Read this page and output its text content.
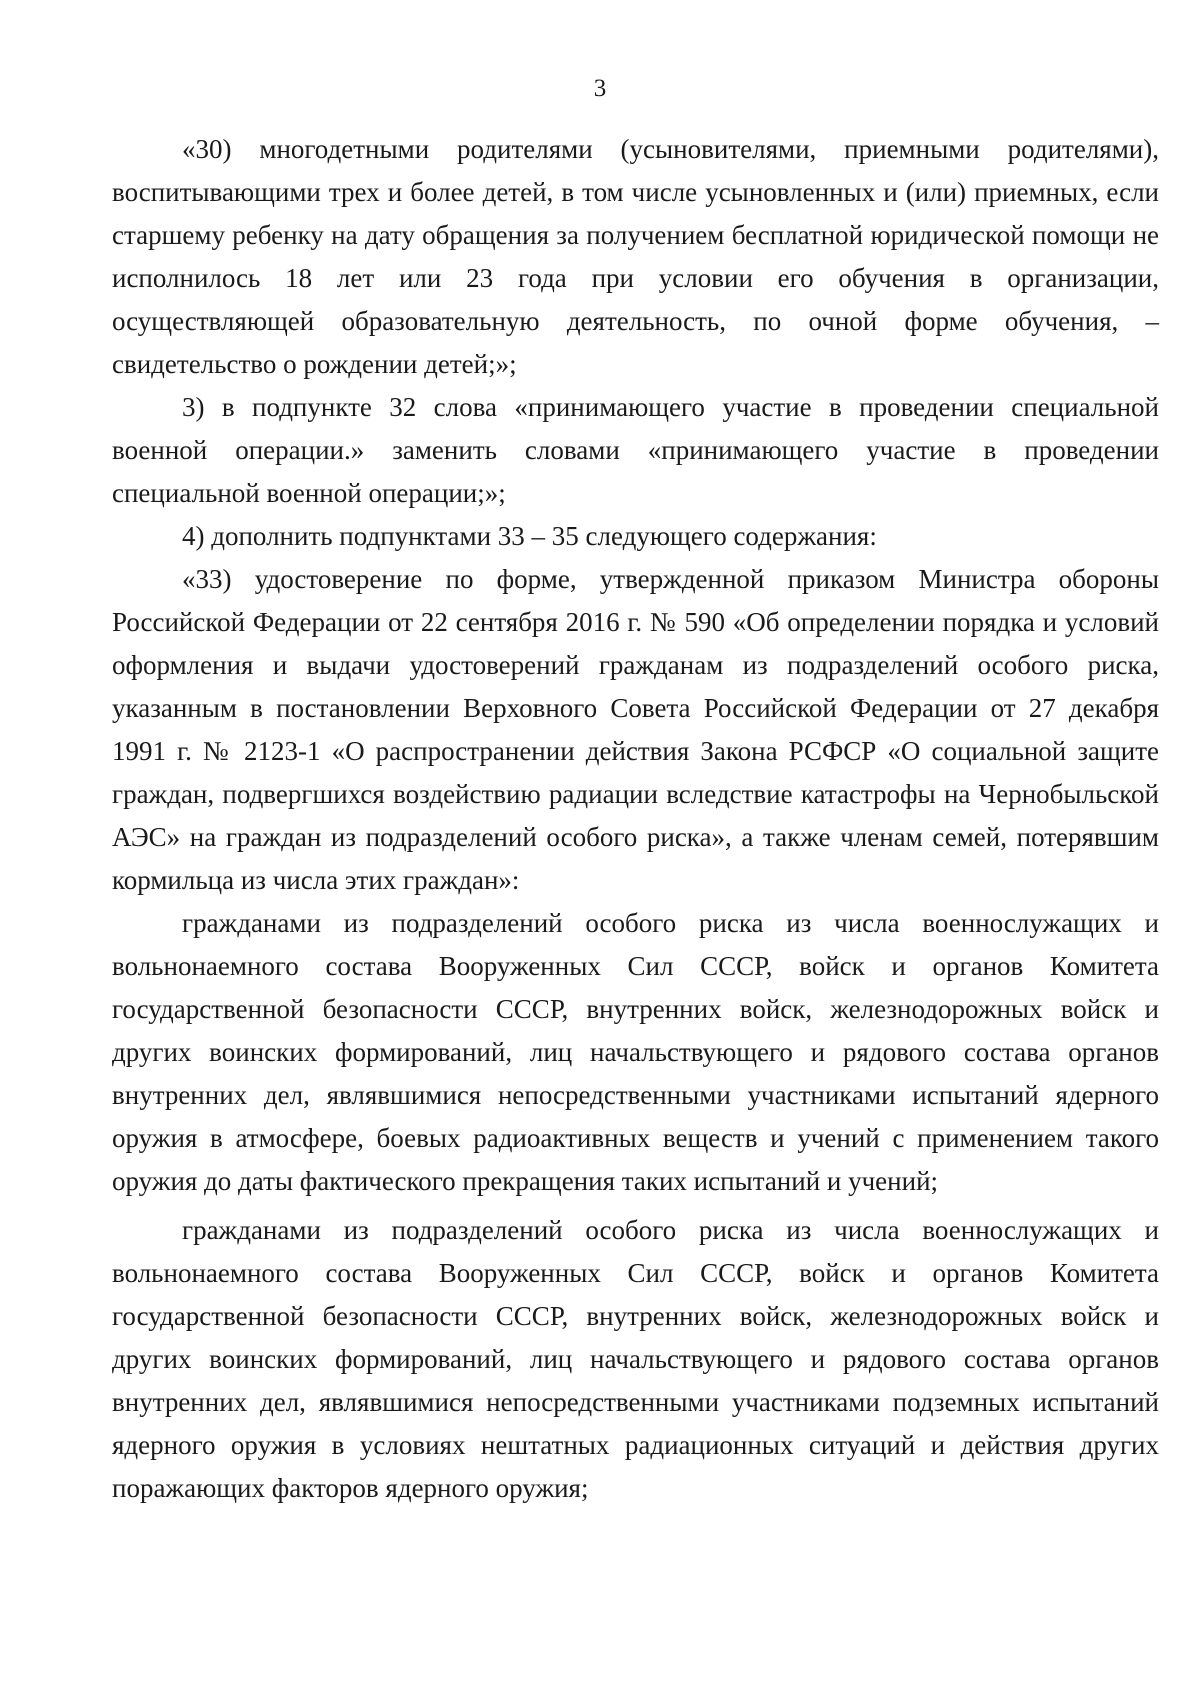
3

«30) многодетными родителями (усыновителями, приемными родителями), воспитывающими трех и более детей, в том числе усыновленных и (или) приемных, если старшему ребенку на дату обращения за получением бесплатной юридической помощи не исполнилось 18 лет или 23 года при условии его обучения в организации, осуществляющей образовательную деятельность, по очной форме обучения, – свидетельство о рождении детей;»;

3) в подпункте 32 слова «принимающего участие в проведении специальной военной операции.» заменить словами «принимающего участие в проведении специальной военной операции;»;

4) дополнить подпунктами 33 – 35 следующего содержания:

«33) удостоверение по форме, утвержденной приказом Министра обороны Российской Федерации от 22 сентября 2016 г. № 590 «Об определении порядка и условий оформления и выдачи удостоверений гражданам из подразделений особого риска, указанным в постановлении Верховного Совета Российской Федерации от 27 декабря 1991 г. № 2123-1 «О распространении действия Закона РСФСР «О социальной защите граждан, подвергшихся воздействию радиации вследствие катастрофы на Чернобыльской АЭС» на граждан из подразделений особого риска», а также членам семей, потерявшим кормильца из числа этих граждан»:

гражданами из подразделений особого риска из числа военнослужащих и вольнонаемного состава Вооруженных Сил СССР, войск и органов Комитета государственной безопасности СССР, внутренних войск, железнодорожных войск и других воинских формирований, лиц начальствующего и рядового состава органов внутренних дел, являвшимися непосредственными участниками испытаний ядерного оружия в атмосфере, боевых радиоактивных веществ и учений с применением такого оружия до даты фактического прекращения таких испытаний и учений;

гражданами из подразделений особого риска из числа военнослужащих и вольнонаемного состава Вооруженных Сил СССР, войск и органов Комитета государственной безопасности СССР, внутренних войск, железнодорожных войск и других воинских формирований, лиц начальствующего и рядового состава органов внутренних дел, являвшимися непосредственными участниками подземных испытаний ядерного оружия в условиях нештатных радиационных ситуаций и действия других поражающих факторов ядерного оружия;
